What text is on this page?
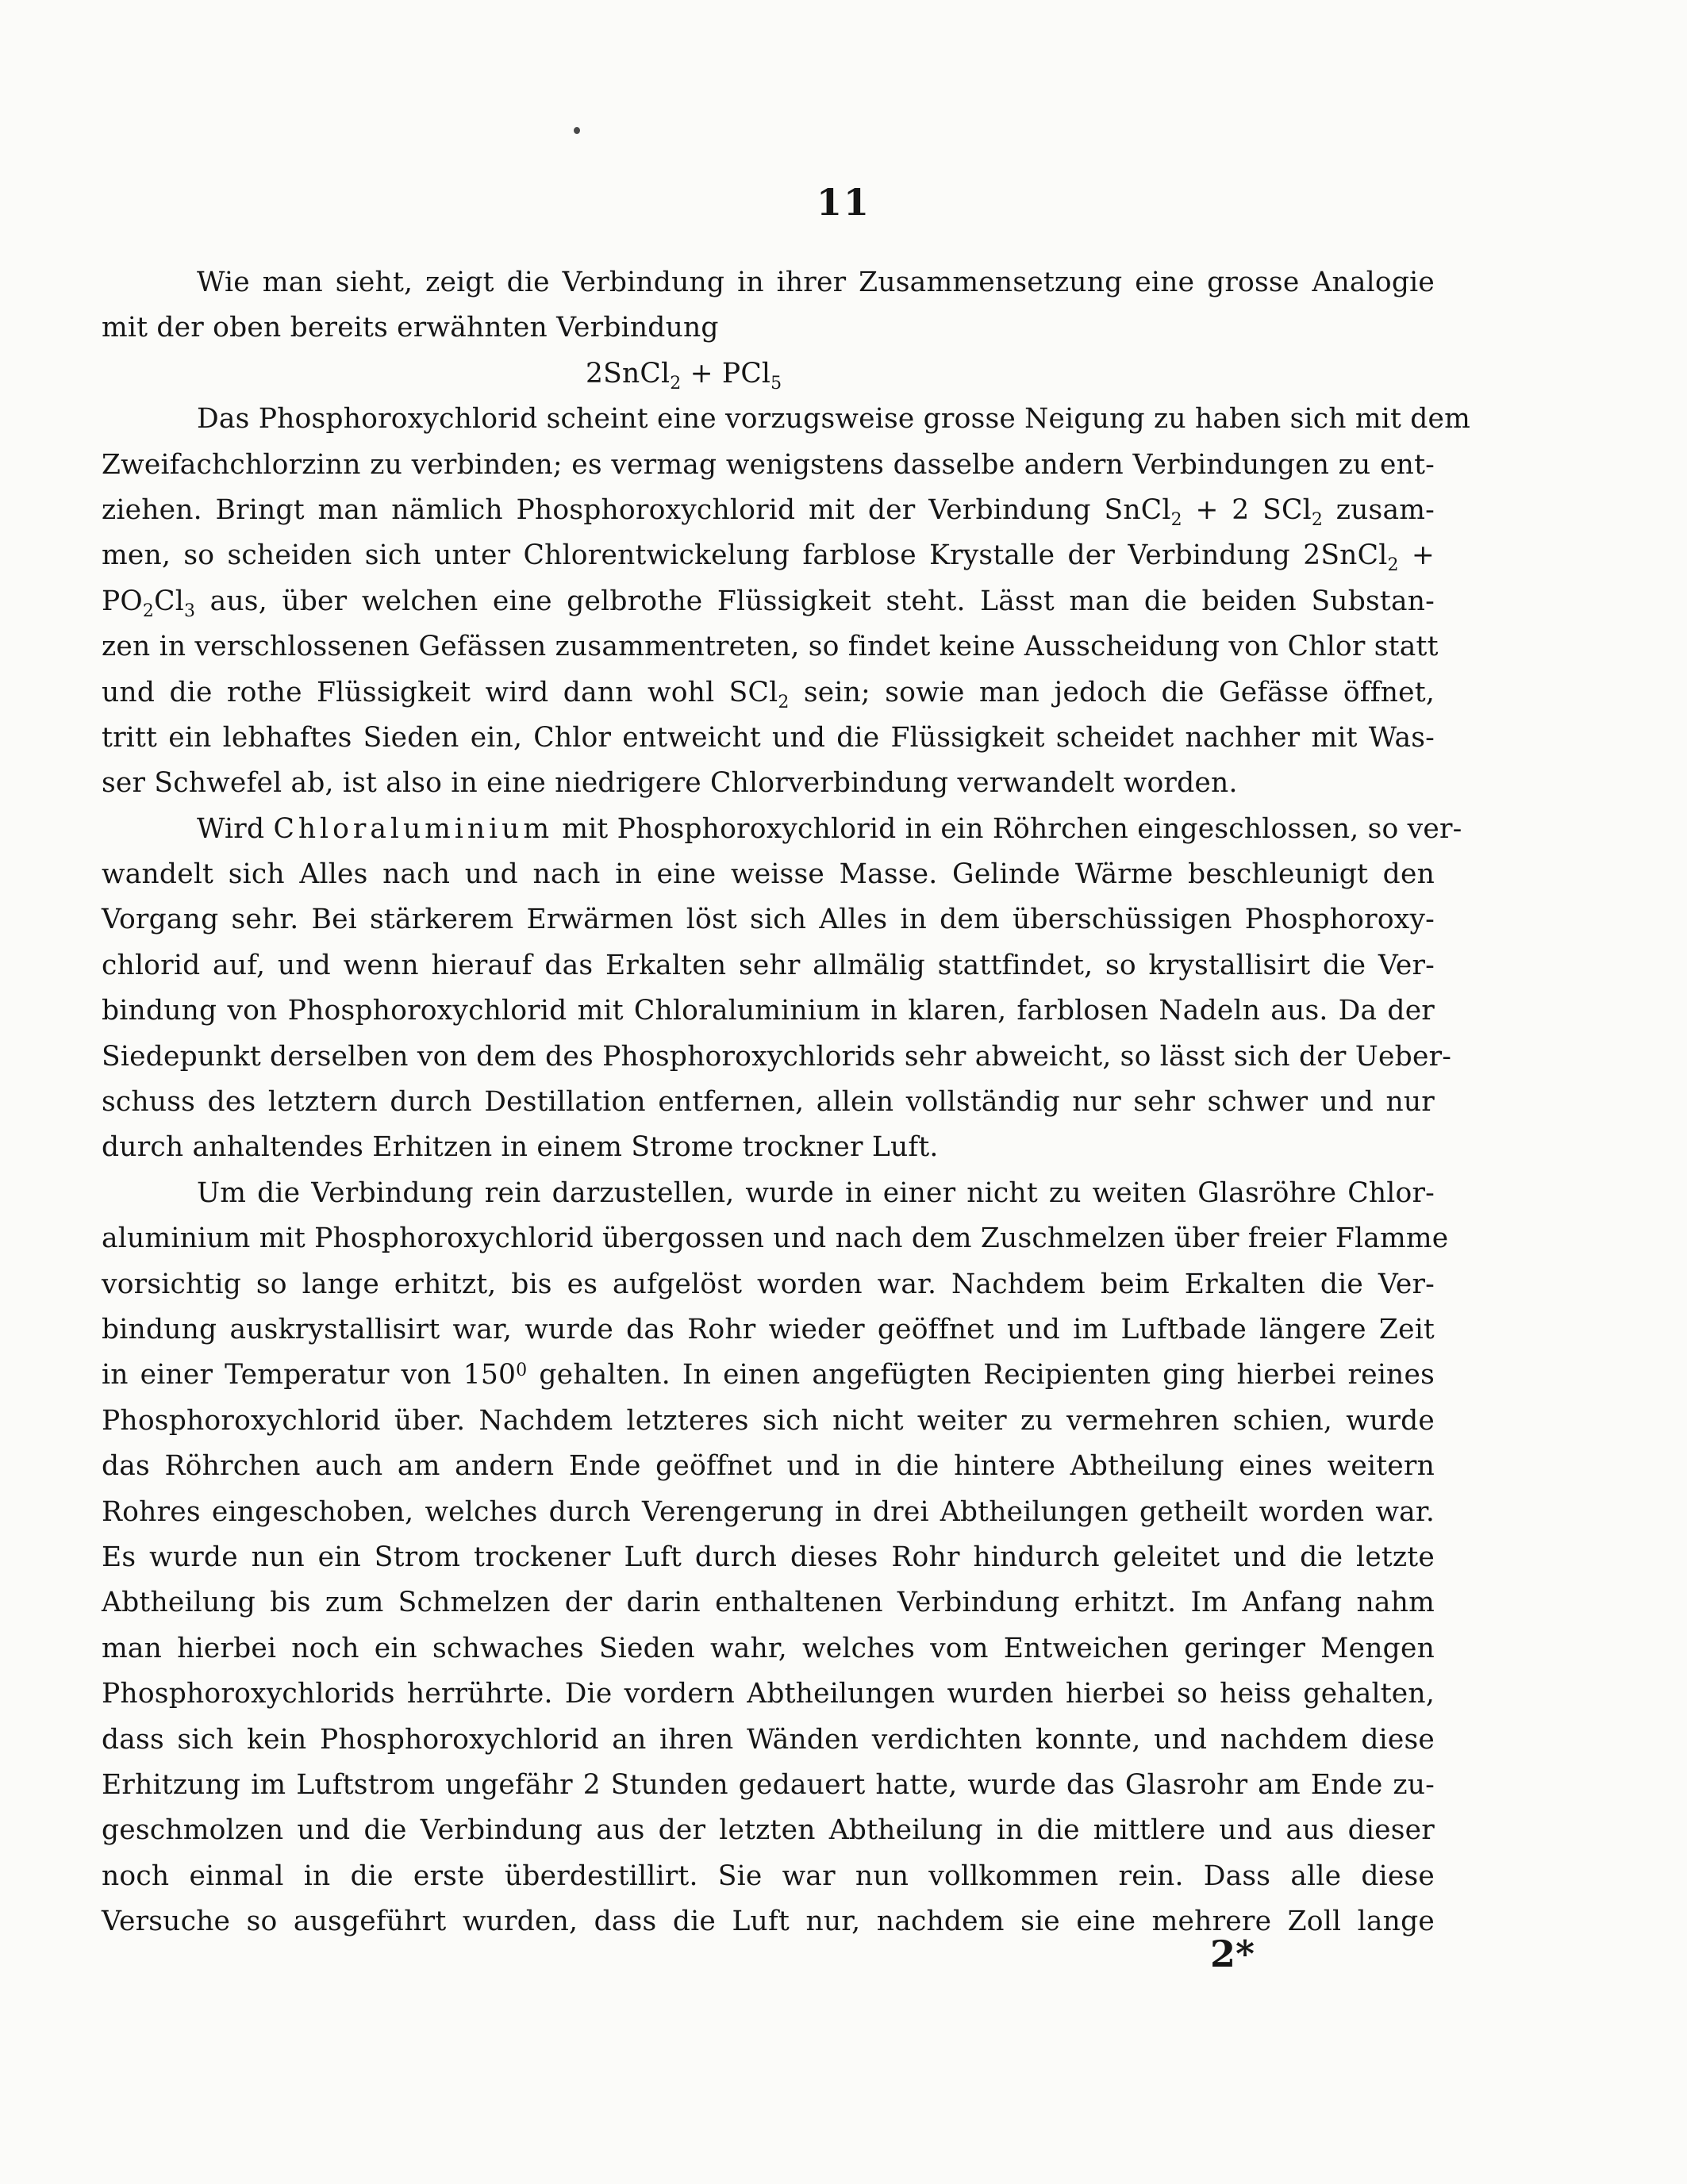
11
Wie man sieht, zeigt die Verbindung in ihrer Zusammensetzung eine grosse Analogie
mit der oben bereits erwähnten Verbindung
2SnCl$_2$ + PCl$_5$
Das Phosphoroxychlorid scheint eine vorzugsweise grosse Neigung zu haben sich mit dem
Zweifachchlorzinn zu verbinden; es vermag wenigstens dasselbe andern Verbindungen zu ent-
ziehen. Bringt man nämlich Phosphoroxychlorid mit der Verbindung SnCl$_2$ + 2 SCl$_2$ zusam-
men, so scheiden sich unter Chlorentwickelung farblose Krystalle der Verbindung 2SnCl$_2$ +
$PO_2Cl_3$ aus, über welchen eine gelbrothe Flüssigkeit steht. Lässt man die beiden Substan-
zen in verschlossenen Gefässen zusammentreten, so findet keine Ausscheidung von Chlor statt
und die rothe Flüssigkeit wird dann wohl SCl$_2$ sein; sowie man jedoch die Gefässe öffnet,
tritt ein lebhaftes Sieden ein, Chlor entweicht und die Flüssigkeit scheidet nachher mit Was-
ser Schwefel ab, ist also in eine niedrigere Chlorverbindung verwandelt worden.
Wird Chloraluminium mit Phosphoroxychlorid in ein Röhrchen eingeschlossen, so ver-
wandelt sich Alles nach und nach in eine weisse Masse. Gelinde Wärme beschleunigt den
Vorgang sehr. Bei stärkerem Erwärmen löst sich Alles in dem überschüssigen Phosphoroxy-
chlorid auf, und wenn hierauf das Erkalten sehr allmälig stattfindet, so krystallisirt die Ver-
bindung von Phosphoroxychlorid mit Chloraluminium in klaren, farblosen Nadeln aus. Da der
Siedepunkt derselben von dem des Phosphoroxychlorids sehr abweicht, so lässt sich der Ueber-
schuss des letztern durch Destillation entfernen, allein vollständig nur sehr schwer und nur
durch anhaltendes Erhitzen in einem Strome trockner Luft.
Um die Verbindung rein darzustellen, wurde in einer nicht zu weiten Glasröhre Chlor-
aluminium mit Phosphoroxychlorid übergossen und nach dem Zuschmelzen über freier Flamme
vorsichtig so lange erhitzt, bis es aufgelöst worden war. Nachdem beim Erkalten die Ver-
bindung auskrystallisirt war, wurde das Rohr wieder geöffnet und im Luftbade längere Zeit
in einer Temperatur von $150^0$ gehalten. In einen angefügten Recipienten ging hierbei reines
Phosphoroxychlorid über. Nachdem letzteres sich nicht weiter zu vermehren schien, wurde
das Röhrchen auch am andern Ende geöffnet und in die hintere Abtheilung eines weitern
Rohres eingeschoben, welches durch Verengerung in drei Abtheilungen getheilt worden war.
Es wurde nun ein Strom trockener Luft durch dieses Rohr hindurch geleitet und die letzte
Abtheilung bis zum Schmelzen der darin enthaltenen Verbindung erhitzt. Im Anfang nahm
man hierbei noch ein schwaches Sieden wahr, welches vom Entweichen geringer Mengen
Phosphoroxychlorids herrührte. Die vordern Abtheilungen wurden hierbei so heiss gehalten,
dass sich kein Phosphoroxychlorid an ihren Wänden verdichten konnte, und nachdem diese
Erhitzung im Luftstrom ungefähr 2 Stunden gedauert hatte, wurde das Glasrohr am Ende zu-
geschmolzen und die Verbindung aus der letzten Abtheilung in die mittlere und aus dieser
noch einmal in die erste überdestillirt. Sie war nun vollkommen rein. Dass alle diese
Versuche so ausgeführt wurden, dass die Luft nur, nachdem sie eine mehrere Zoll lange
2*
